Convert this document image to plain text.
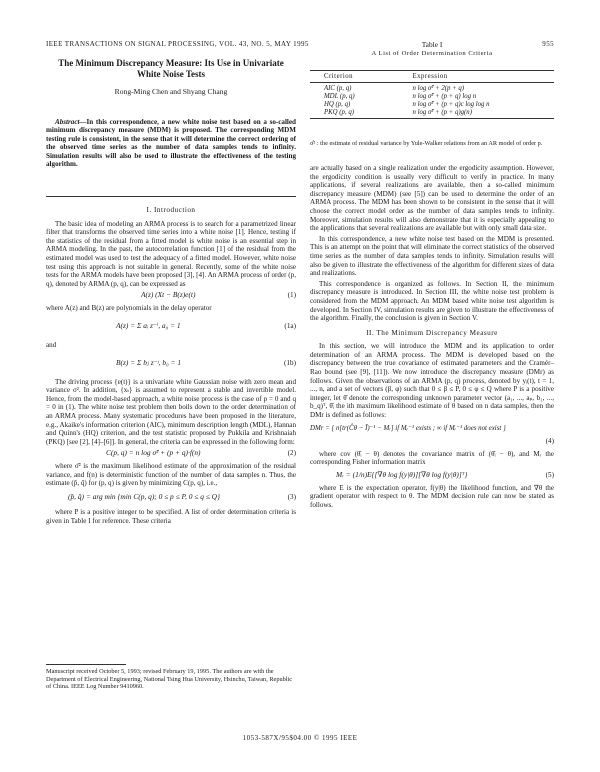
IEEE TRANSACTIONS ON SIGNAL PROCESSING, VOL. 43, NO. 5, MAY 1995	955
The Minimum Discrepancy Measure: Its Use in Univariate White Noise Tests
Rong-Ming Chen and Shyang Chang

Abstract—In this correspondence, a new white noise test based on a so-called minimum discrepancy measure (MDM) is proposed. The corresponding MDM testing rule is consistent, in the sense that it will determine the correct ordering of the observed time series as the number of data samples tends to infinity. Simulation results will also be used to illustrate the effectiveness of the testing algorithm.

I. Introduction

The basic idea of modeling an ARMA process is to search for a parametrized linear filter that transforms the observed time series into a white noise [1]. Hence, testing if the statistics of the residual from a fitted model is white noise is an essential step in ARMA modeling. In the past, the autocorrelation function [1] of the residual from the estimated model was used to test the adequacy of a fitted model. However, white noise test using this approach is not suitable in general. Recently, some of the white noise tests for the ARMA models have been proposed [3], [4]. An ARMA process of order (p, q), denoted by ARMA (p, q), can be expressed as

A(z) (Xt − B(z)e(t)	(1)
where A(z) and B(z) are polynomials in the delay operator
A(z) = Σ aᵢ z⁻ⁱ, a₀ = 1	(1a)
and
B(z) = Σ bⱼ z⁻ʲ, b₀ = 1	(1b)

The driving process {e(t)} is a univariate white Gaussian noise with zero mean and variance σ². In addition, {xₜ} is assumed to represent a stable and invertible model. Hence, from the model-based approach, a white noise process is the case of p = 0 and q = 0 in (1). The white noise test problem then boils down to the order determination of an ARMA process. Many systematic procedures have been proposed in the literature, e.g., Akaike's information criterion (AIC), minimum description length (MDL), Hannan and Quinn's (HQ) criterion, and the test statistic proposed by Pukkila and Krishnaiah (PKQ) [see [2], [4]–[6]]. In general, the criteria can be expressed in the following form:

C(p, q) = n log σ̂² + (p + q)·f(n)	(2)

where σ̂² is the maximum likelihood estimate of the approximation of the residual variance, and f(n) is deterministic function of the number of data samples n. Thus, the estimate (p̂, q̂) for (p, q) is given by minimizing C(p, q), i.e.,

(p̂, q̂) = arg min {min C(p, q); 0 ≤ p ≤ P, 0 ≤ q ≤ Q}	(3)

where P is a positive integer to be specified. A list of order determination criteria is given in Table I for reference. These criteria

Manuscript received October 5, 1993; revised February 19, 1995. The authors are with the Department of Electrical Engineering, National Tsing Hua University, Hsinchu, Taiwan, Republic of China. IEEE Log Number 9410960.
Table I
A List of Order Determination Criteria
Criterion	Expression
AIC (p, q)	n log σ̂² + 2(p + q)
MDL (p, q)	n log σ̂² + (p + q) log n
HQ (p, q)	n log σ̂² + (p + q)c log log n
PKQ (p, q)	n log σ̂² + (p + q)g(n)
σ̂² : the estimate of residual variance by Yule-Walker relations from an AR model of order p.

are actually based on a single realization under the ergodicity assumption. However, the ergodicity condition is usually very difficult to verify in practice. In many applications, if several realizations are available, then a so-called minimum discrepancy measure (MDM) (see [5]) can be used to determine the order of an ARMA process. The MDM has been shown to be consistent in the sense that it will choose the correct model order as the number of data samples tends to infinity. Moreover, simulation results will also demonstrate that it is especially appealing to the applications that several realizations are available but with only small data size.

In this correspondence, a new white noise test based on the MDM is presented. This is an attempt on the point that will eliminate the correct statistics of the observed time series as the number of data samples tends to infinity. Simulation results will also be given to illustrate the effectiveness of the algorithm for different sizes of data and realizations.

This correspondence is organized as follows. In Section II, the minimum discrepancy measure is introduced. In Section III, the white noise test problem is considered from the MDM approach. An MDM based white noise test algorithm is developed. In Section IV, simulation results are given to illustrate the effectiveness of the algorithm. Finally, the conclusion is given in Section V.

II. The Minimum Discrepancy Measure

In this section, we will introduce the MDM and its application to order determination of an ARMA process. The MDM is developed based on the discrepancy between the true covariance of estimated parameters and the Cramér–Rao bound (see [9], [11]). We now introduce the discrepancy measure (DMr) as follows. Given the observations of an ARMA (p, q) process, denoted by yᵢ(t), t = 1, ..., n, and a set of vectors (β, φ) such that 0 ≤ β ≤ P, 0 ≤ φ ≤ Q where P is a positive integer, let θ̂ denote the corresponding unknown parameter vector (a₁, ..., aₚ, b₁, ..., b_q)ᵀ, θ̂ᵢ the ith maximum likelihood estimate of θ based on n data samples, then the DMr is defined as follows:

DMr = { n[tr(Ĉθ − Ĩ)⁻¹ − Mᵣ] if Mᵣ⁻¹ exists ; ∞ if Mᵣ⁻¹ does not exist }
(4)

where cov (θ̂ᵢ − θ) denotes the covariance matrix of (θ̂ᵢ − θ), and Mᵣ the corresponding Fisher information matrix

Mᵣ = (1/n)E{[∇θ log f(y|θ)][∇θ log f(y|θ)]ᵀ}	(5)

where E is the expectation operator, f(y|θ) the likelihood function, and ∇θ the gradient operator with respect to θ. The MDM decision rule can now be stated as follows.

1053-587X/95$04.00 © 1995 IEEE
